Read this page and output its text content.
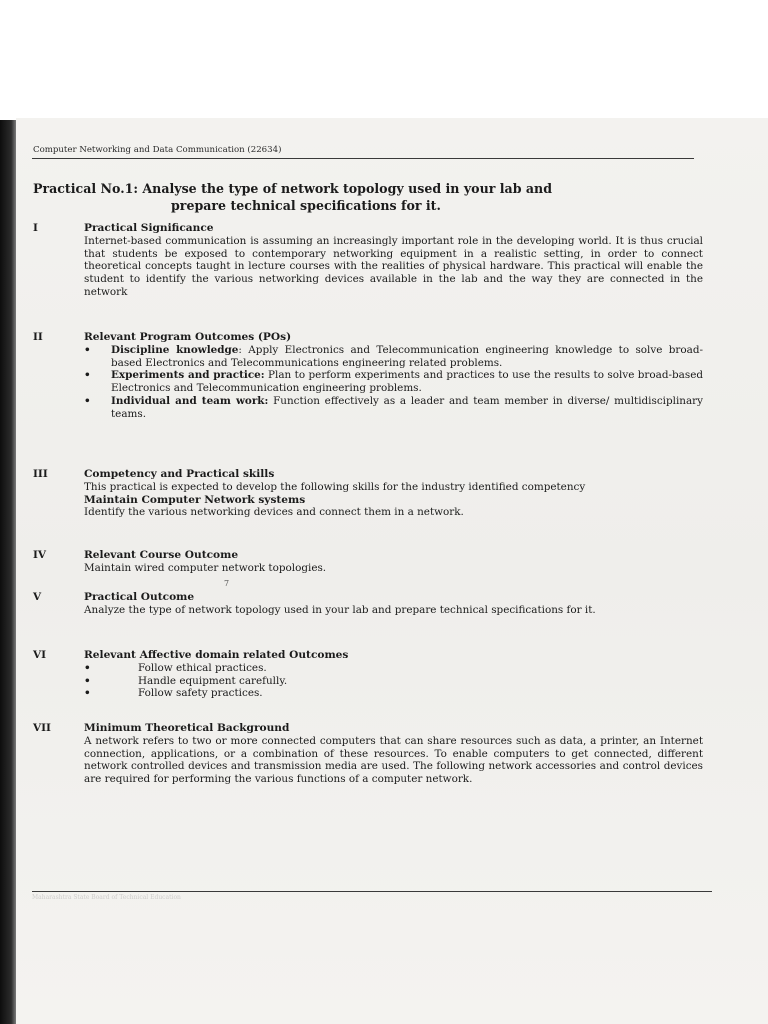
Computer Networking and Data Communication (22634)
Practical No.1: Analyse the type of network topology used in your lab and
prepare technical specifications for it.
I	Practical Significance
Internet-based communication is assuming an increasingly important role in the developing world. It is thus crucial that students be exposed to contemporary networking equipment in a realistic setting, in order to connect theoretical concepts taught in lecture courses with the realities of physical hardware. This practical will enable the student to identify the various networking devices available in the lab and the way they are connected in the network
II	Relevant Program Outcomes (POs)
• Discipline knowledge: Apply Electronics and Telecommunication engineering knowledge to solve broad-based Electronics and Telecommunications engineering related problems.
• Experiments and practice: Plan to perform experiments and practices to use the results to solve broad-based Electronics and Telecommunication engineering problems.
• Individual and team work: Function effectively as a leader and team member in diverse/ multidisciplinary teams.
III	Competency and Practical skills
This practical is expected to develop the following skills for the industry identified competency
Maintain Computer Network systems
Identify the various networking devices and connect them in a network.
IV	Relevant Course Outcome
Maintain wired computer network topologies.
7
V	Practical Outcome
Analyze the type of network topology used in your lab and prepare technical specifications for it.
VI	Relevant Affective domain related Outcomes
•	Follow ethical practices.
•	Handle equipment carefully.
•	Follow safety practices.
VII	Minimum Theoretical Background
A network refers to two or more connected computers that can share resources such as data, a printer, an Internet connection, applications, or a combination of these resources. To enable computers to get connected, different network controlled devices and transmission media are used. The following network accessories and control devices are required for performing the various functions of a computer network.
Maharashtra State Board of Technical Education
